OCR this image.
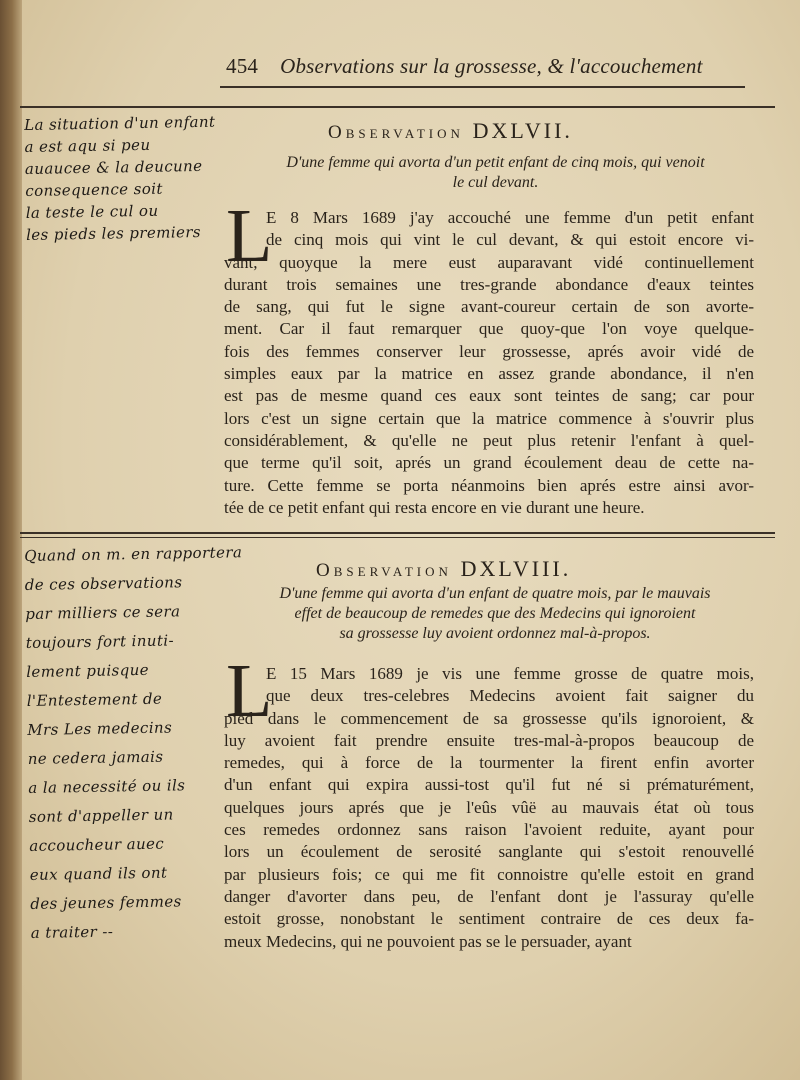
454 Observations sur la grossesse, & l'accouchement
Observation DXLVII.
D'une femme qui avorta d'un petit enfant de cinq mois, qui venoit
le cul devant.
L
E 8 Mars 1689 j'ay accouché une femme d'un petit enfant
de cinq mois qui vint le cul devant, & qui estoit encore vi-
vant, quoyque la mere eust auparavant vidé continuellement
durant trois semaines une tres-grande abondance d'eaux teintes
de sang, qui fut le signe avant-coureur certain de son avorte-
ment. Car il faut remarquer que quoy-que l'on voye quelque-
fois des femmes conserver leur grossesse, aprés avoir vidé de
simples eaux par la matrice en assez grande abondance, il n'en
est pas de mesme quand ces eaux sont teintes de sang; car pour
lors c'est un signe certain que la matrice commence à s'ouvrir plus
considérablement, & qu'elle ne peut plus retenir l'enfant à quel-
que terme qu'il soit, aprés un grand écoulement deau de cette na-
ture. Cette femme se porta néanmoins bien aprés estre ainsi avor-
tée de ce petit enfant qui resta encore en vie durant une heure.
Observation DXLVIII.
D'une femme qui avorta d'un enfant de quatre mois, par le mauvais
effet de beaucoup de remedes que des Medecins qui ignoroient
sa grossesse luy avoient ordonnez mal-à-propos.
L
E 15 Mars 1689 je vis une femme grosse de quatre mois,
que deux tres-celebres Medecins avoient fait saigner du
pied dans le commencement de sa grossesse qu'ils ignoroient, &
luy avoient fait prendre ensuite tres-mal-à-propos beaucoup de
remedes, qui à force de la tourmenter la firent enfin avorter
d'un enfant qui expira aussi-tost qu'il fut né si prématurément,
quelques jours aprés que je l'eûs vûë au mauvais état où tous
ces remedes ordonnez sans raison l'avoient reduite, ayant pour
lors un écoulement de serosité sanglante qui s'estoit renouvellé
par plusieurs fois; ce qui me fit connoistre qu'elle estoit en grand
danger d'avorter dans peu, de l'enfant dont je l'assuray qu'elle
estoit grosse, nonobstant le sentiment contraire de ces deux fa-
meux Medecins, qui ne pouvoient pas se le persuader, ayant
La situation d'un enfant
a est aqu si peu
auaucee & la deucune
consequence soit
la teste le cul ou
les pieds les premiers
Quand on m. en rapportera
de ces observations
par milliers ce sera
toujours fort inuti-
lement puisque
l'Entestement de
Mrs Les medecins
ne cedera jamais
a la necessité ou ils
sont d'appeller un
accoucheur auec
eux quand ils ont
des jeunes femmes
a traiter --
